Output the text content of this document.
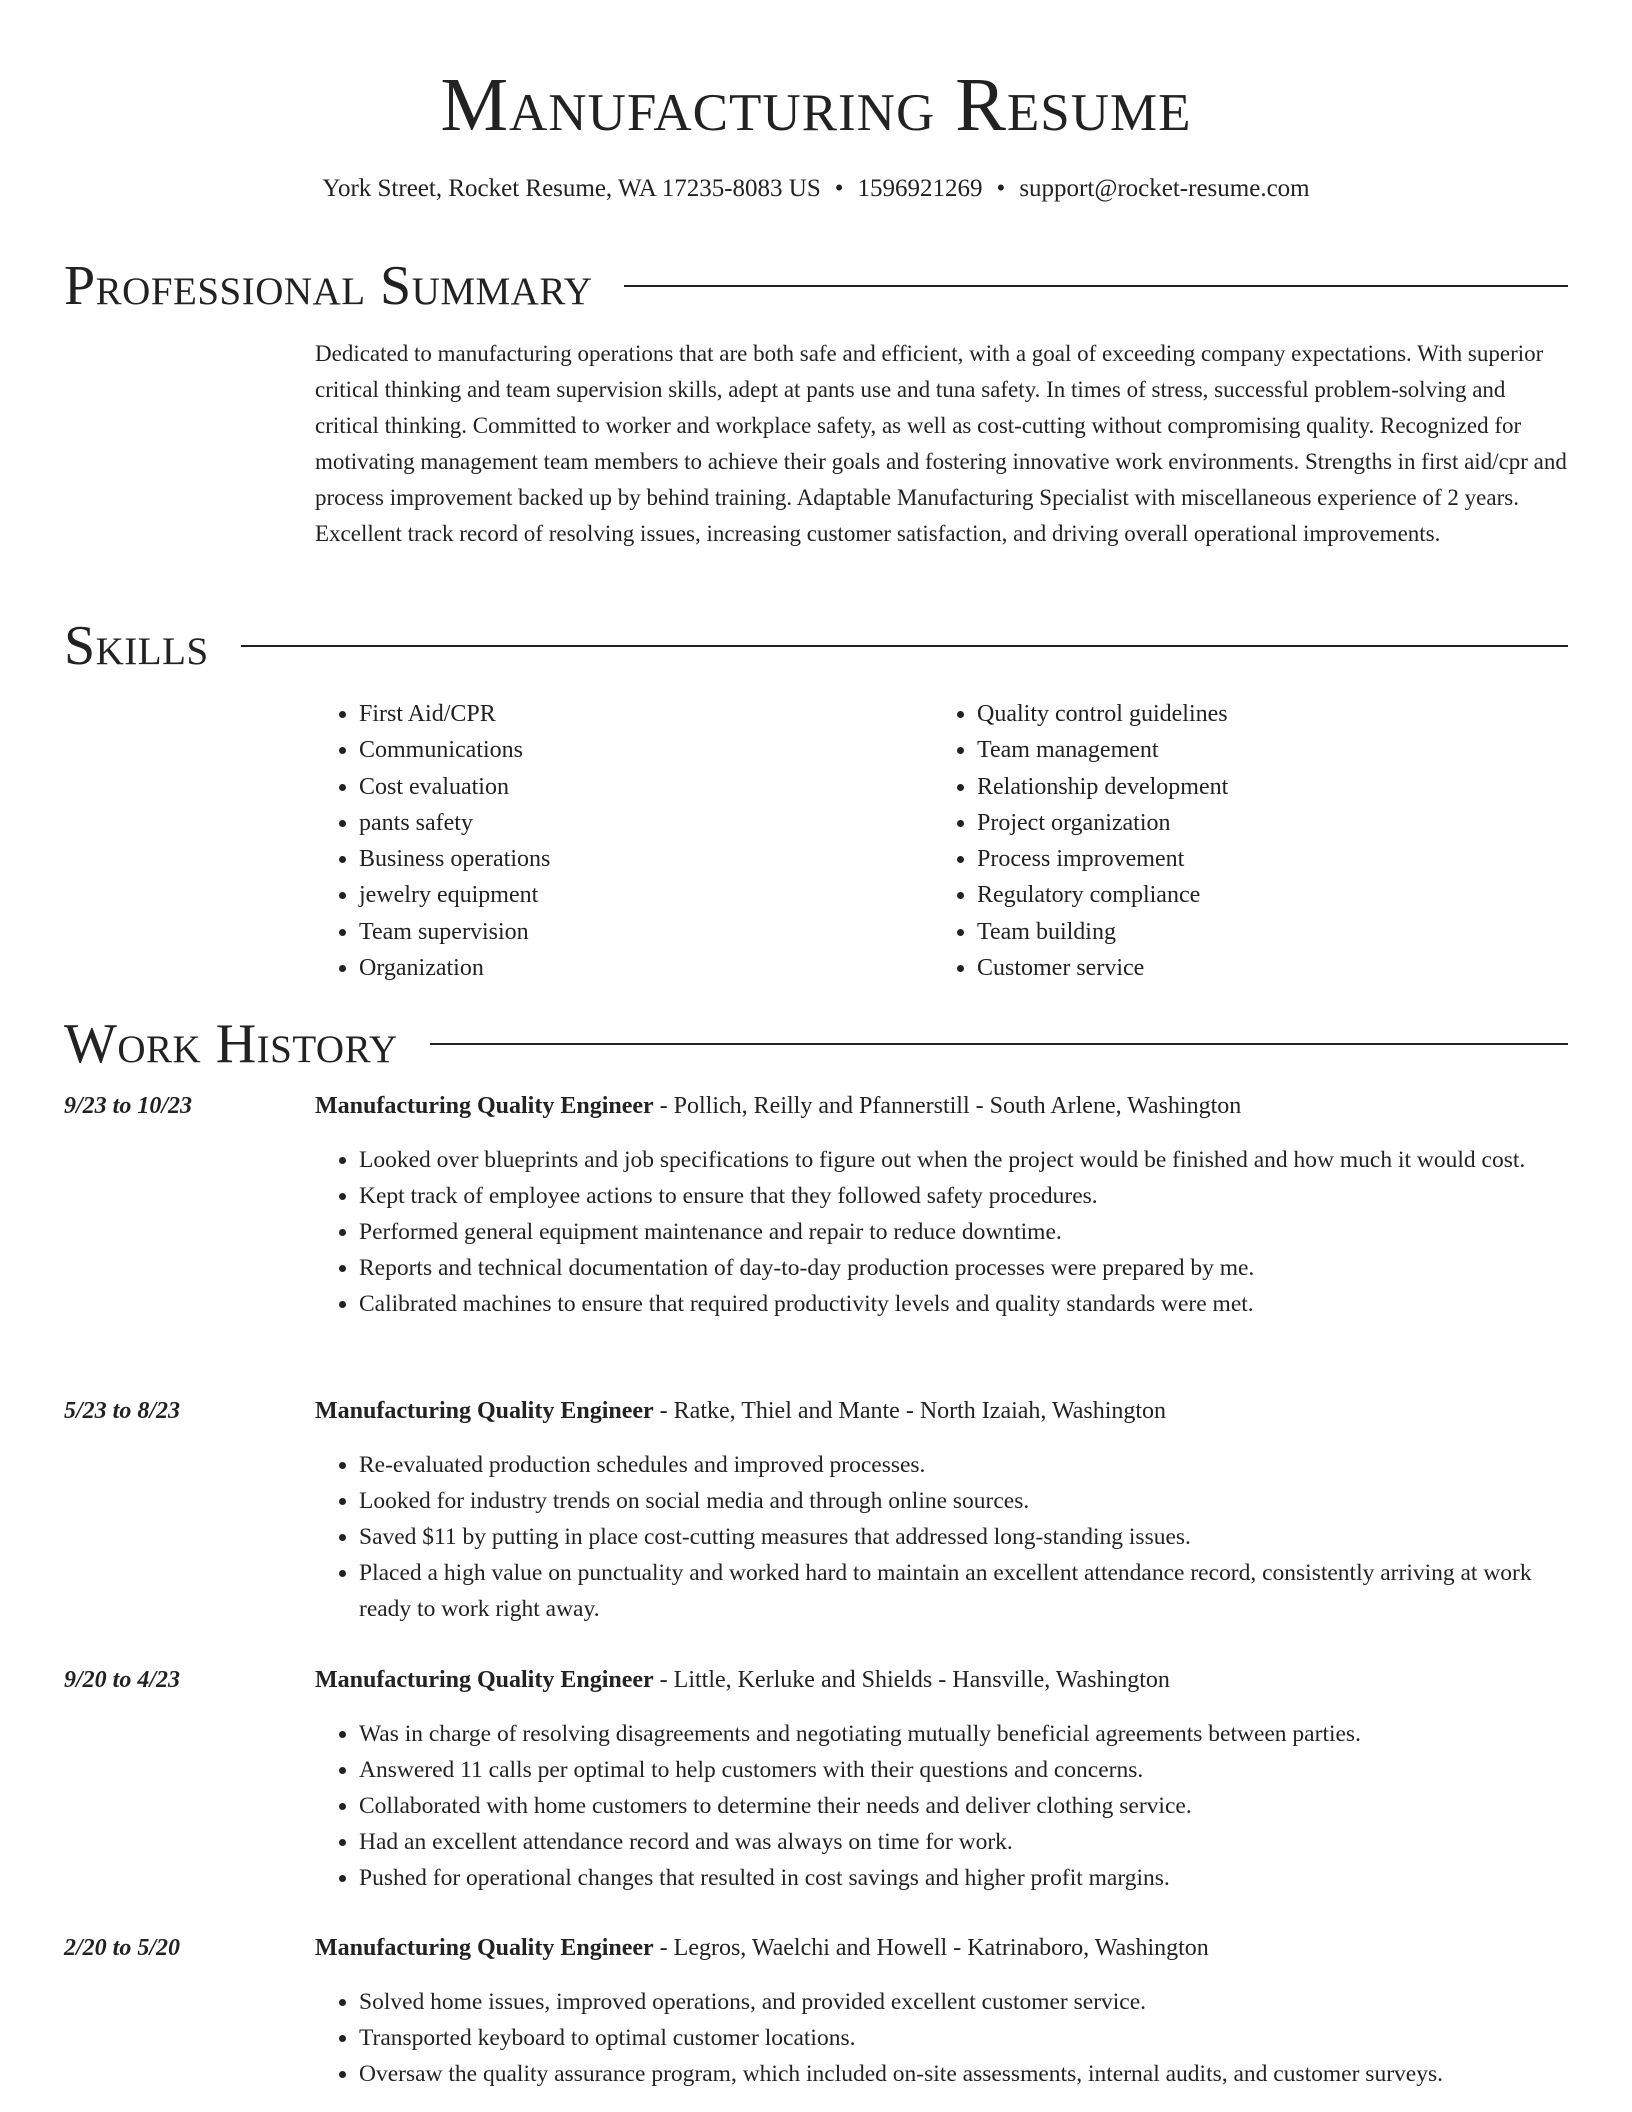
Manufacturing Resume
York Street, Rocket Resume, WA 17235-8083 US • 1596921269 • support@rocket-resume.com
Professional Summary

Dedicated to manufacturing operations that are both safe and efficient, with a goal of exceeding company expectations. With superior critical thinking and team supervision skills, adept at pants use and tuna safety. In times of stress, successful problem-solving and critical thinking. Committed to worker and workplace safety, as well as cost-cutting without compromising quality. Recognized for motivating management team members to achieve their goals and fostering innovative work environments. Strengths in first aid/cpr and process improvement backed up by behind training. Adaptable Manufacturing Specialist with miscellaneous experience of 2 years. Excellent track record of resolving issues, increasing customer satisfaction, and driving overall operational improvements.

Skills
• First Aid/CPR
• Communications
• Cost evaluation
• pants safety
• Business operations
• jewelry equipment
• Team supervision
• Organization
• Quality control guidelines
• Team management
• Relationship development
• Project organization
• Process improvement
• Regulatory compliance
• Team building
• Customer service
Work History
9/23 to 10/23	Manufacturing Quality Engineer - Pollich, Reilly and Pfannerstill - South Arlene, Washington
• Looked over blueprints and job specifications to figure out when the project would be finished and how much it would cost.
• Kept track of employee actions to ensure that they followed safety procedures.
• Performed general equipment maintenance and repair to reduce downtime.
• Reports and technical documentation of day-to-day production processes were prepared by me.
• Calibrated machines to ensure that required productivity levels and quality standards were met.
5/23 to 8/23	Manufacturing Quality Engineer - Ratke, Thiel and Mante - North Izaiah, Washington
• Re-evaluated production schedules and improved processes.
• Looked for industry trends on social media and through online sources.
• Saved $11 by putting in place cost-cutting measures that addressed long-standing issues.
• Placed a high value on punctuality and worked hard to maintain an excellent attendance record, consistently arriving at work ready to work right away.
9/20 to 4/23	Manufacturing Quality Engineer - Little, Kerluke and Shields - Hansville, Washington
• Was in charge of resolving disagreements and negotiating mutually beneficial agreements between parties.
• Answered 11 calls per optimal to help customers with their questions and concerns.
• Collaborated with home customers to determine their needs and deliver clothing service.
• Had an excellent attendance record and was always on time for work.
• Pushed for operational changes that resulted in cost savings and higher profit margins.
2/20 to 5/20	Manufacturing Quality Engineer - Legros, Waelchi and Howell - Katrinaboro, Washington
• Solved home issues, improved operations, and provided excellent customer service.
• Transported keyboard to optimal customer locations.
• Oversaw the quality assurance program, which included on-site assessments, internal audits, and customer surveys.
